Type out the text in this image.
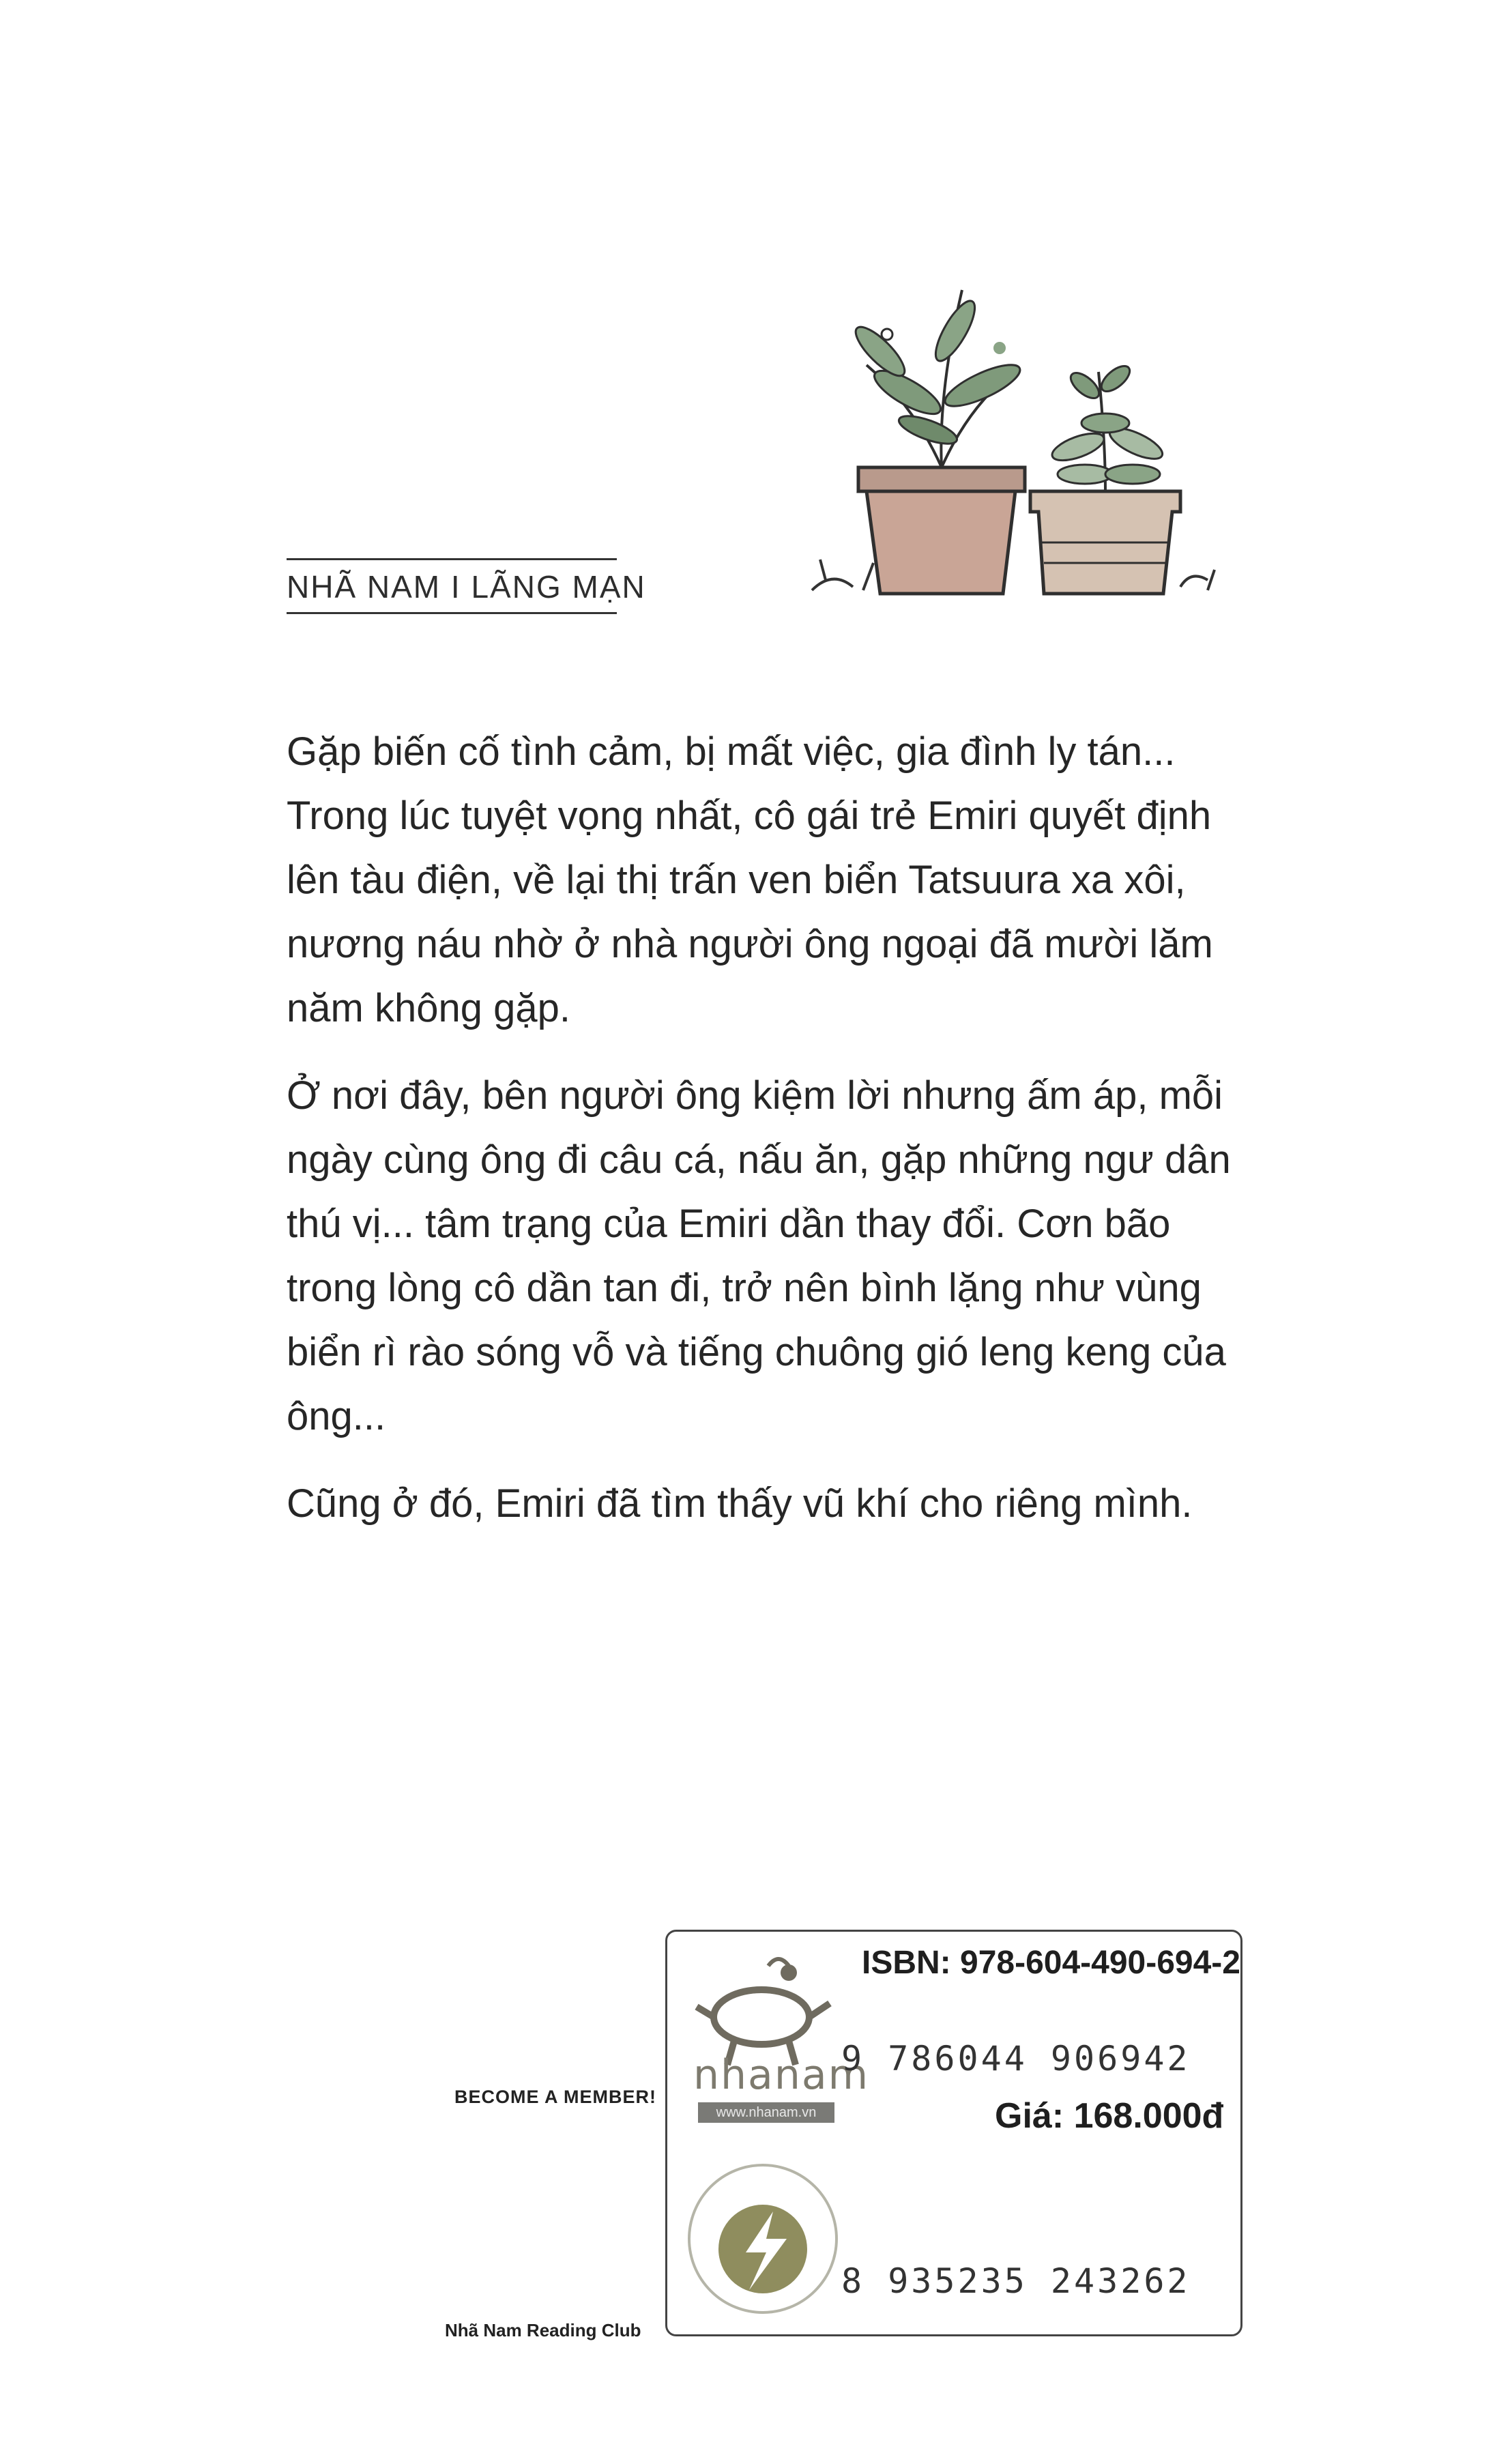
NHÃ NAM I LÃNG MẠN

Gặp biến cố tình cảm, bị mất việc, gia đình ly tán... Trong lúc tuyệt vọng nhất, cô gái trẻ Emiri quyết định lên tàu điện, về lại thị trấn ven biển Tatsuura xa xôi, nương náu nhờ ở nhà người ông ngoại đã mười lăm năm không gặp.

Ở nơi đây, bên người ông kiệm lời nhưng ấm áp, mỗi ngày cùng ông đi câu cá, nấu ăn, gặp những ngư dân thú vị... tâm trạng của Emiri dần thay đổi. Cơn bão trong lòng cô dần tan đi, trở nên bình lặng như vùng biển rì rào sóng vỗ và tiếng chuông gió leng keng của ông...

Cũng ở đó, Emiri đã tìm thấy vũ khí cho riêng mình.

BECOME A MEMBER!
Nhã Nam Reading Club
nhanam
www.nhanam.vn
ISBN: 978-604-490-694-2
9 786044 906942
Giá: 168.000đ
8 935235 243262
